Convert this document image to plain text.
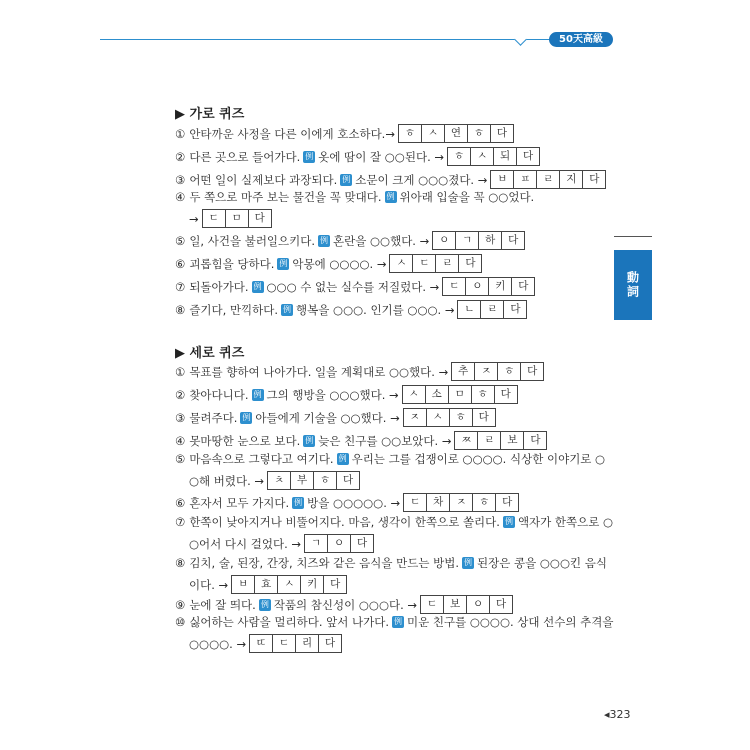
50天高級
動詞
▶ 가로 퀴즈
① 안타까운 사정을 다른 이에게 호소하다.→ ㅎ	ㅅ	연	ㅎ	다
② 다른 곳으로 들어가다. 例 옷에 땀이 잘 ○○된다. → ㅎ	ㅅ	되	다
③ 어떤 일이 실제보다 과장되다. 例 소문이 크게 ○○○졌다. → ㅂ	ㅍ	ㄹ	지	다
④ 두 쪽으로 마주 보는 물건을 꼭 맞대다. 例 위아래 입술을 꼭 ○○었다.
→ ㄷ	ㅁ	다
⑤ 일, 사건을 불러일으키다. 例 혼란을 ○○했다. → ㅇ	ㄱ	하	다
⑥ 괴롭힘을 당하다. 例 악몽에 ○○○○. → ㅅ	ㄷ	ㄹ	다
⑦ 되돌아가다. 例 ○○○ 수 없는 실수를 저질렀다. → ㄷ	ㅇ	키	다
⑧ 즐기다, 만끽하다. 例 행복을 ○○○. 인기를 ○○○. → ㄴ	ㄹ	다
▶ 세로 퀴즈
① 목표를 향하여 나아가다. 일을 계획대로 ○○했다. → 추	ㅈ	ㅎ	다
② 찾아다니다. 例 그의 행방을 ○○○했다. → ㅅ	소	ㅁ	ㅎ	다
③ 물려주다. 例 아들에게 기술을 ○○했다. → ㅈ	ㅅ	ㅎ	다
④ 못마땅한 눈으로 보다. 例 늦은 친구를 ○○보았다. → ㅉ	ㄹ	보	다
⑤ 마음속으로 그렇다고 여기다. 例 우리는 그를 겁쟁이로 ○○○○. 식상한 이야기로 ○
○해 버렸다. → ㅊ	부	ㅎ	다
⑥ 혼자서 모두 가지다. 例 방을 ○○○○○. → ㄷ	차	ㅈ	ㅎ	다
⑦ 한쪽이 낮아지거나 비뚤어지다. 마음, 생각이 한쪽으로 쏠리다. 例 액자가 한쪽으로 ○
○어서 다시 걸었다. → ㄱ	ㅇ	다
⑧ 김치, 술, 된장, 간장, 치즈와 같은 음식을 만드는 방법. 例 된장은 콩을 ○○○킨 음식
이다. → ㅂ	효	ㅅ	키	다
⑨ 눈에 잘 띄다. 例 작품의 참신성이 ○○○다. → ㄷ	보	ㅇ	다
⑩ 싫어하는 사람을 멀리하다. 앞서 나가다. 例 미운 친구를 ○○○○. 상대 선수의 추격을
○○○○. → ㄸ	ㄷ	리	다
◂323
